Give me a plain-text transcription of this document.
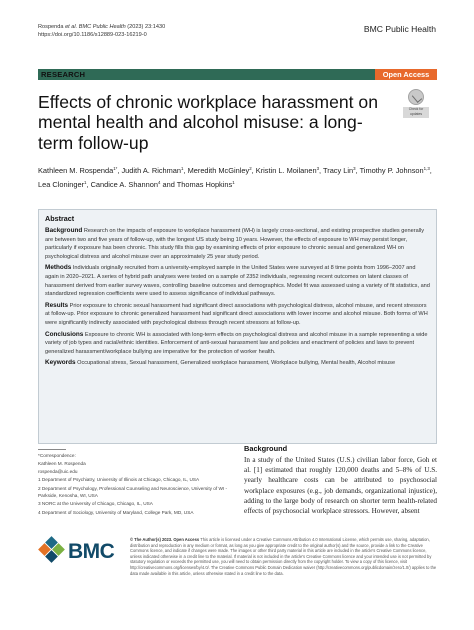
Rospenda et al. BMC Public Health (2023) 23:1430
https://doi.org/10.1186/s12889-023-16219-0
BMC Public Health
RESEARCH	Open Access
Effects of chronic workplace harassment on mental health and alcohol misuse: a long-term follow-up
Check for updates
Kathleen M. Rospenda$^{1*}$, Judith A. Richman$^1$, Meredith McGinley$^2$, Kristin L. Moilanen$^3$, Tracy Lin$^3$, Timothy P. Johnson$^{1,3}$, Lea Cloninger$^1$, Candice A. Shannon$^4$ and Thomas Hopkins$^1$
Abstract
Background Research on the impacts of exposure to workplace harassment (WH) is largely cross-sectional, and existing prospective studies generally are between two and five years of follow-up, with the longest US study being 10 years. However, the effects of exposure to WH may persist longer, particularly if exposure has been chronic. This study fills this gap by examining effects of prior exposure to chronic sexual and generalized WH on psychological distress and alcohol misuse over an approximately 25 year study period.
Methods Individuals originally recruited from a university-employed sample in the United States were surveyed at 8 time points from 1996–2007 and again in 2020–2021. A series of hybrid path analyses were tested on a sample of 2352 individuals, regressing recent outcomes on latent classes of harassment derived from earlier survey waves, controlling baseline outcomes and demographics. Model fit was assessed using a variety of fit statistics, and standardized regression coefficients were used to assess significance of individual pathways.
Results Prior exposure to chronic sexual harassment had significant direct associations with psychological distress, alcohol misuse, and recent stressors at follow-up. Prior exposure to chronic generalized harassment had significant direct associations with lower income and alcohol misuse. Both forms of WH were significantly indirectly associated with psychological distress through recent stressors at follow-up.
Conclusions Exposure to chronic WH is associated with long-term effects on psychological distress and alcohol misuse in a sample representing a wide variety of job types and racial/ethnic identities. Enforcement of anti-sexual harassment law and policies and enactment of policies and laws to prevent generalized harassment/workplace bullying are imperative for the protection of worker health.
Keywords Occupational stress, Sexual harassment, Generalized workplace harassment, Workplace bullying, Mental health, Alcohol misuse

*Correspondence:

Kathleen M. Rospenda

rospenda@uic.edu

1 Department of Psychiatry, University of Illinois at Chicago, Chicago, IL, USA

2 Department of Psychology, Professional Counseling and Neuroscience, University of WI - Parkside, Kenosha, WI, USA

3 NORC at the University of Chicago, Chicago, IL, USA

4 Department of Sociology, University of Maryland, College Park, MD, USA

Background
In a study of the United States (U.S.) civilian labor force, Goh et al. [1] estimated that roughly 120,000 deaths and 5–8% of U.S. yearly healthcare costs can be attributed to psychosocial workplace exposures (e.g., job demands, organizational injustice), adding to the large body of research on shorter term health-related effects of psychosocial workplace stressors. However, absent
BMC
© The Author(s) 2023. Open Access This article is licensed under a Creative Commons Attribution 4.0 International License, which permits use, sharing, adaptation, distribution and reproduction in any medium or format, as long as you give appropriate credit to the original author(s) and the source, provide a link to the Creative Commons licence, and indicate if changes were made. The images or other third party material in this article are included in the article's Creative Commons licence, unless indicated otherwise in a credit line to the material. If material is not included in the article's Creative Commons licence and your intended use is not permitted by statutory regulation or exceeds the permitted use, you will need to obtain permission directly from the copyright holder. To view a copy of this licence, visit http://creativecommons.org/licenses/by/4.0/. The Creative Commons Public Domain Dedication waiver (http://creativecommons.org/publicdomain/zero/1.0/) applies to the data made available in this article, unless otherwise stated in a credit line to the data.
